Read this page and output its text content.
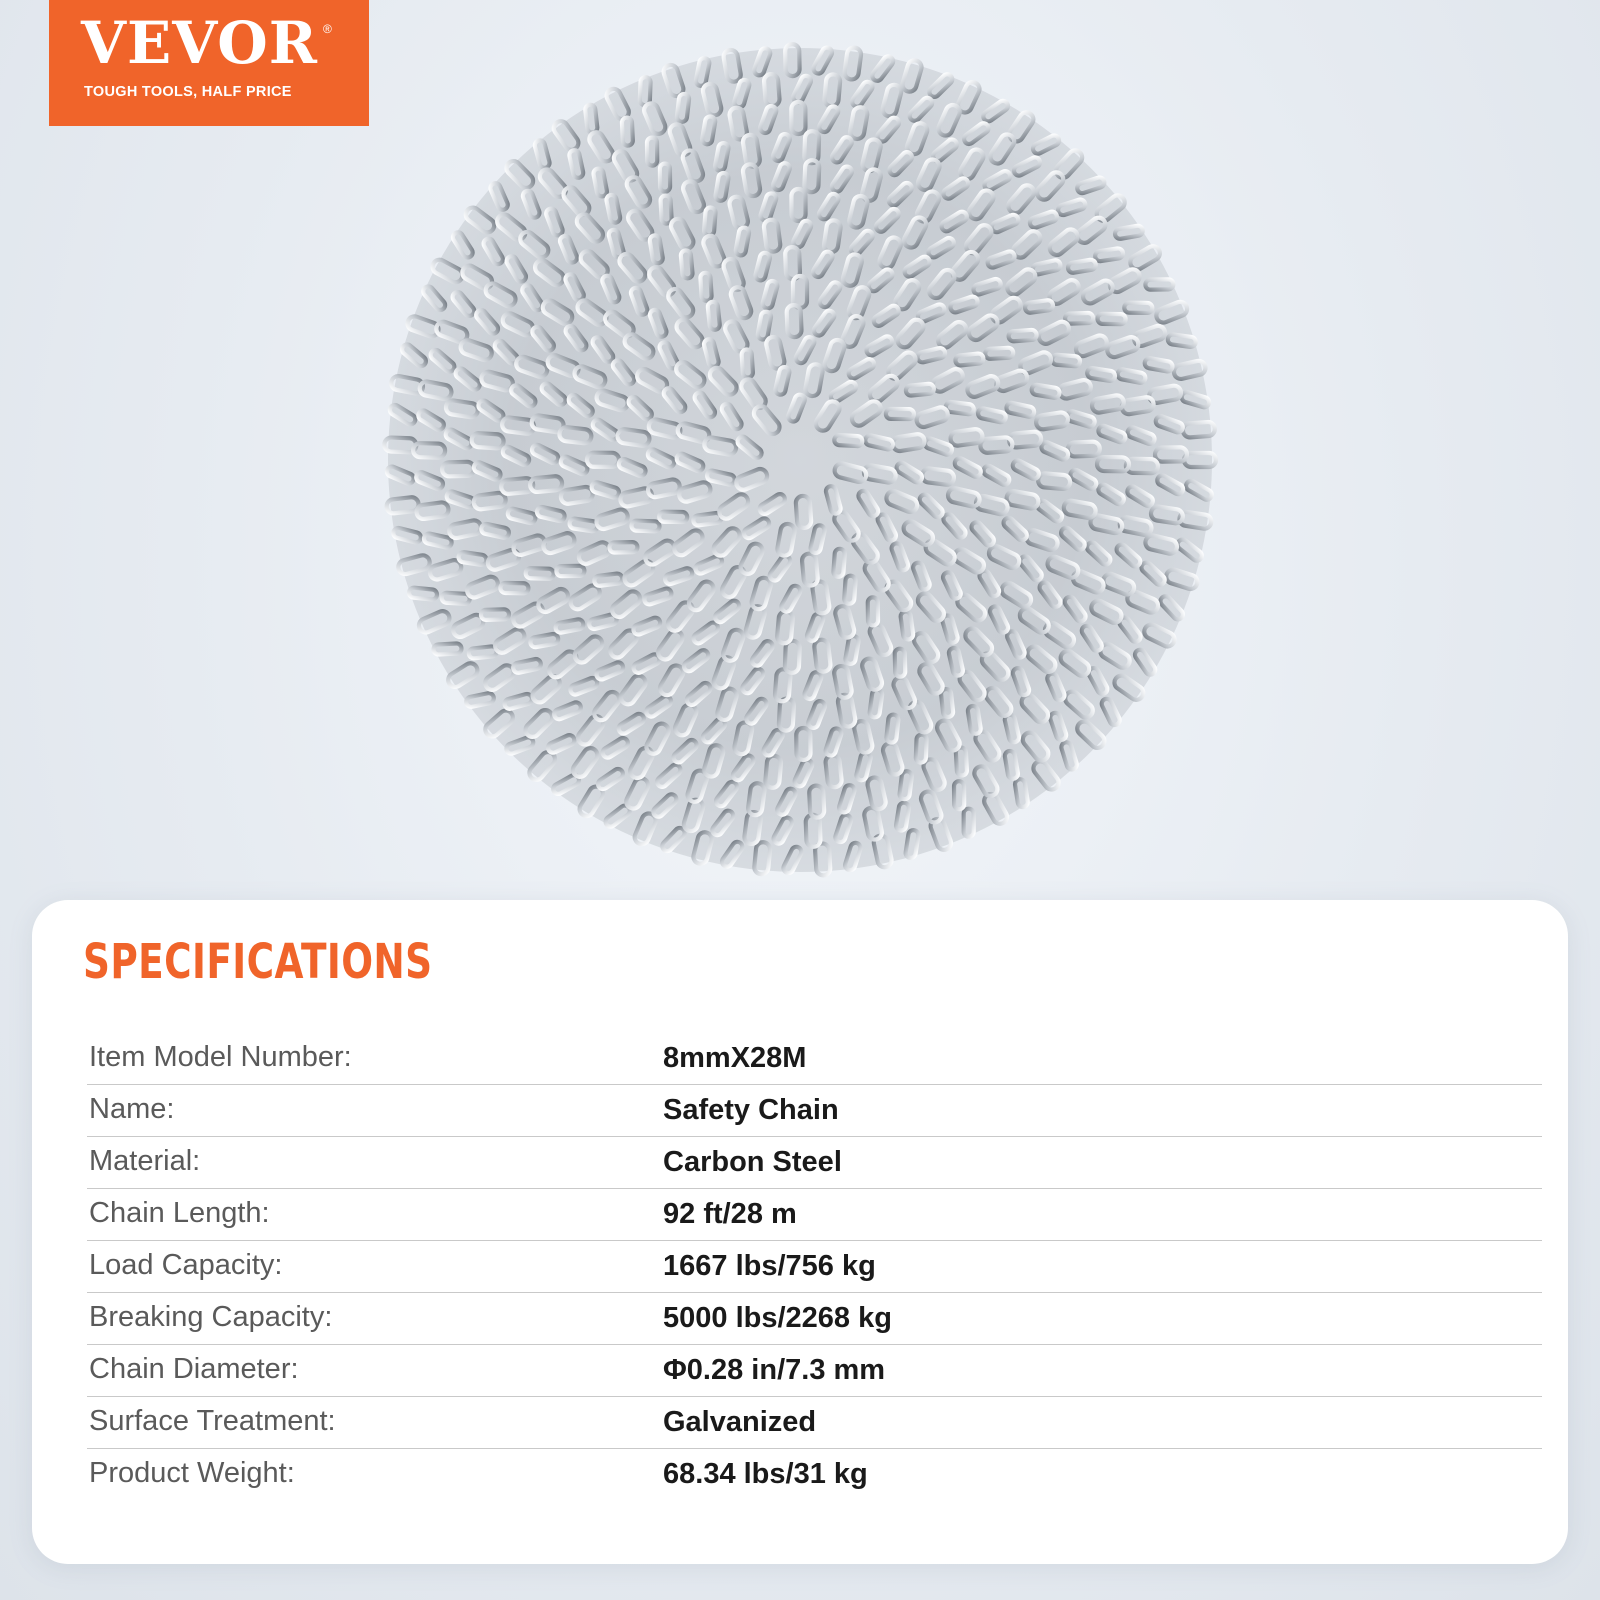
VEVOR ®
TOUGH TOOLS, HALF PRICE
SPECIFICATIONS
Item Model Number:	8mmX28M
Name:	Safety Chain
Material:	Carbon Steel
Chain Length:	92 ft/28 m
Load Capacity:	1667 lbs/756 kg
Breaking Capacity:	5000 lbs/2268 kg
Chain Diameter:	Φ0.28 in/7.3 mm
Surface Treatment:	Galvanized
Product Weight:	68.34 lbs/31 kg
